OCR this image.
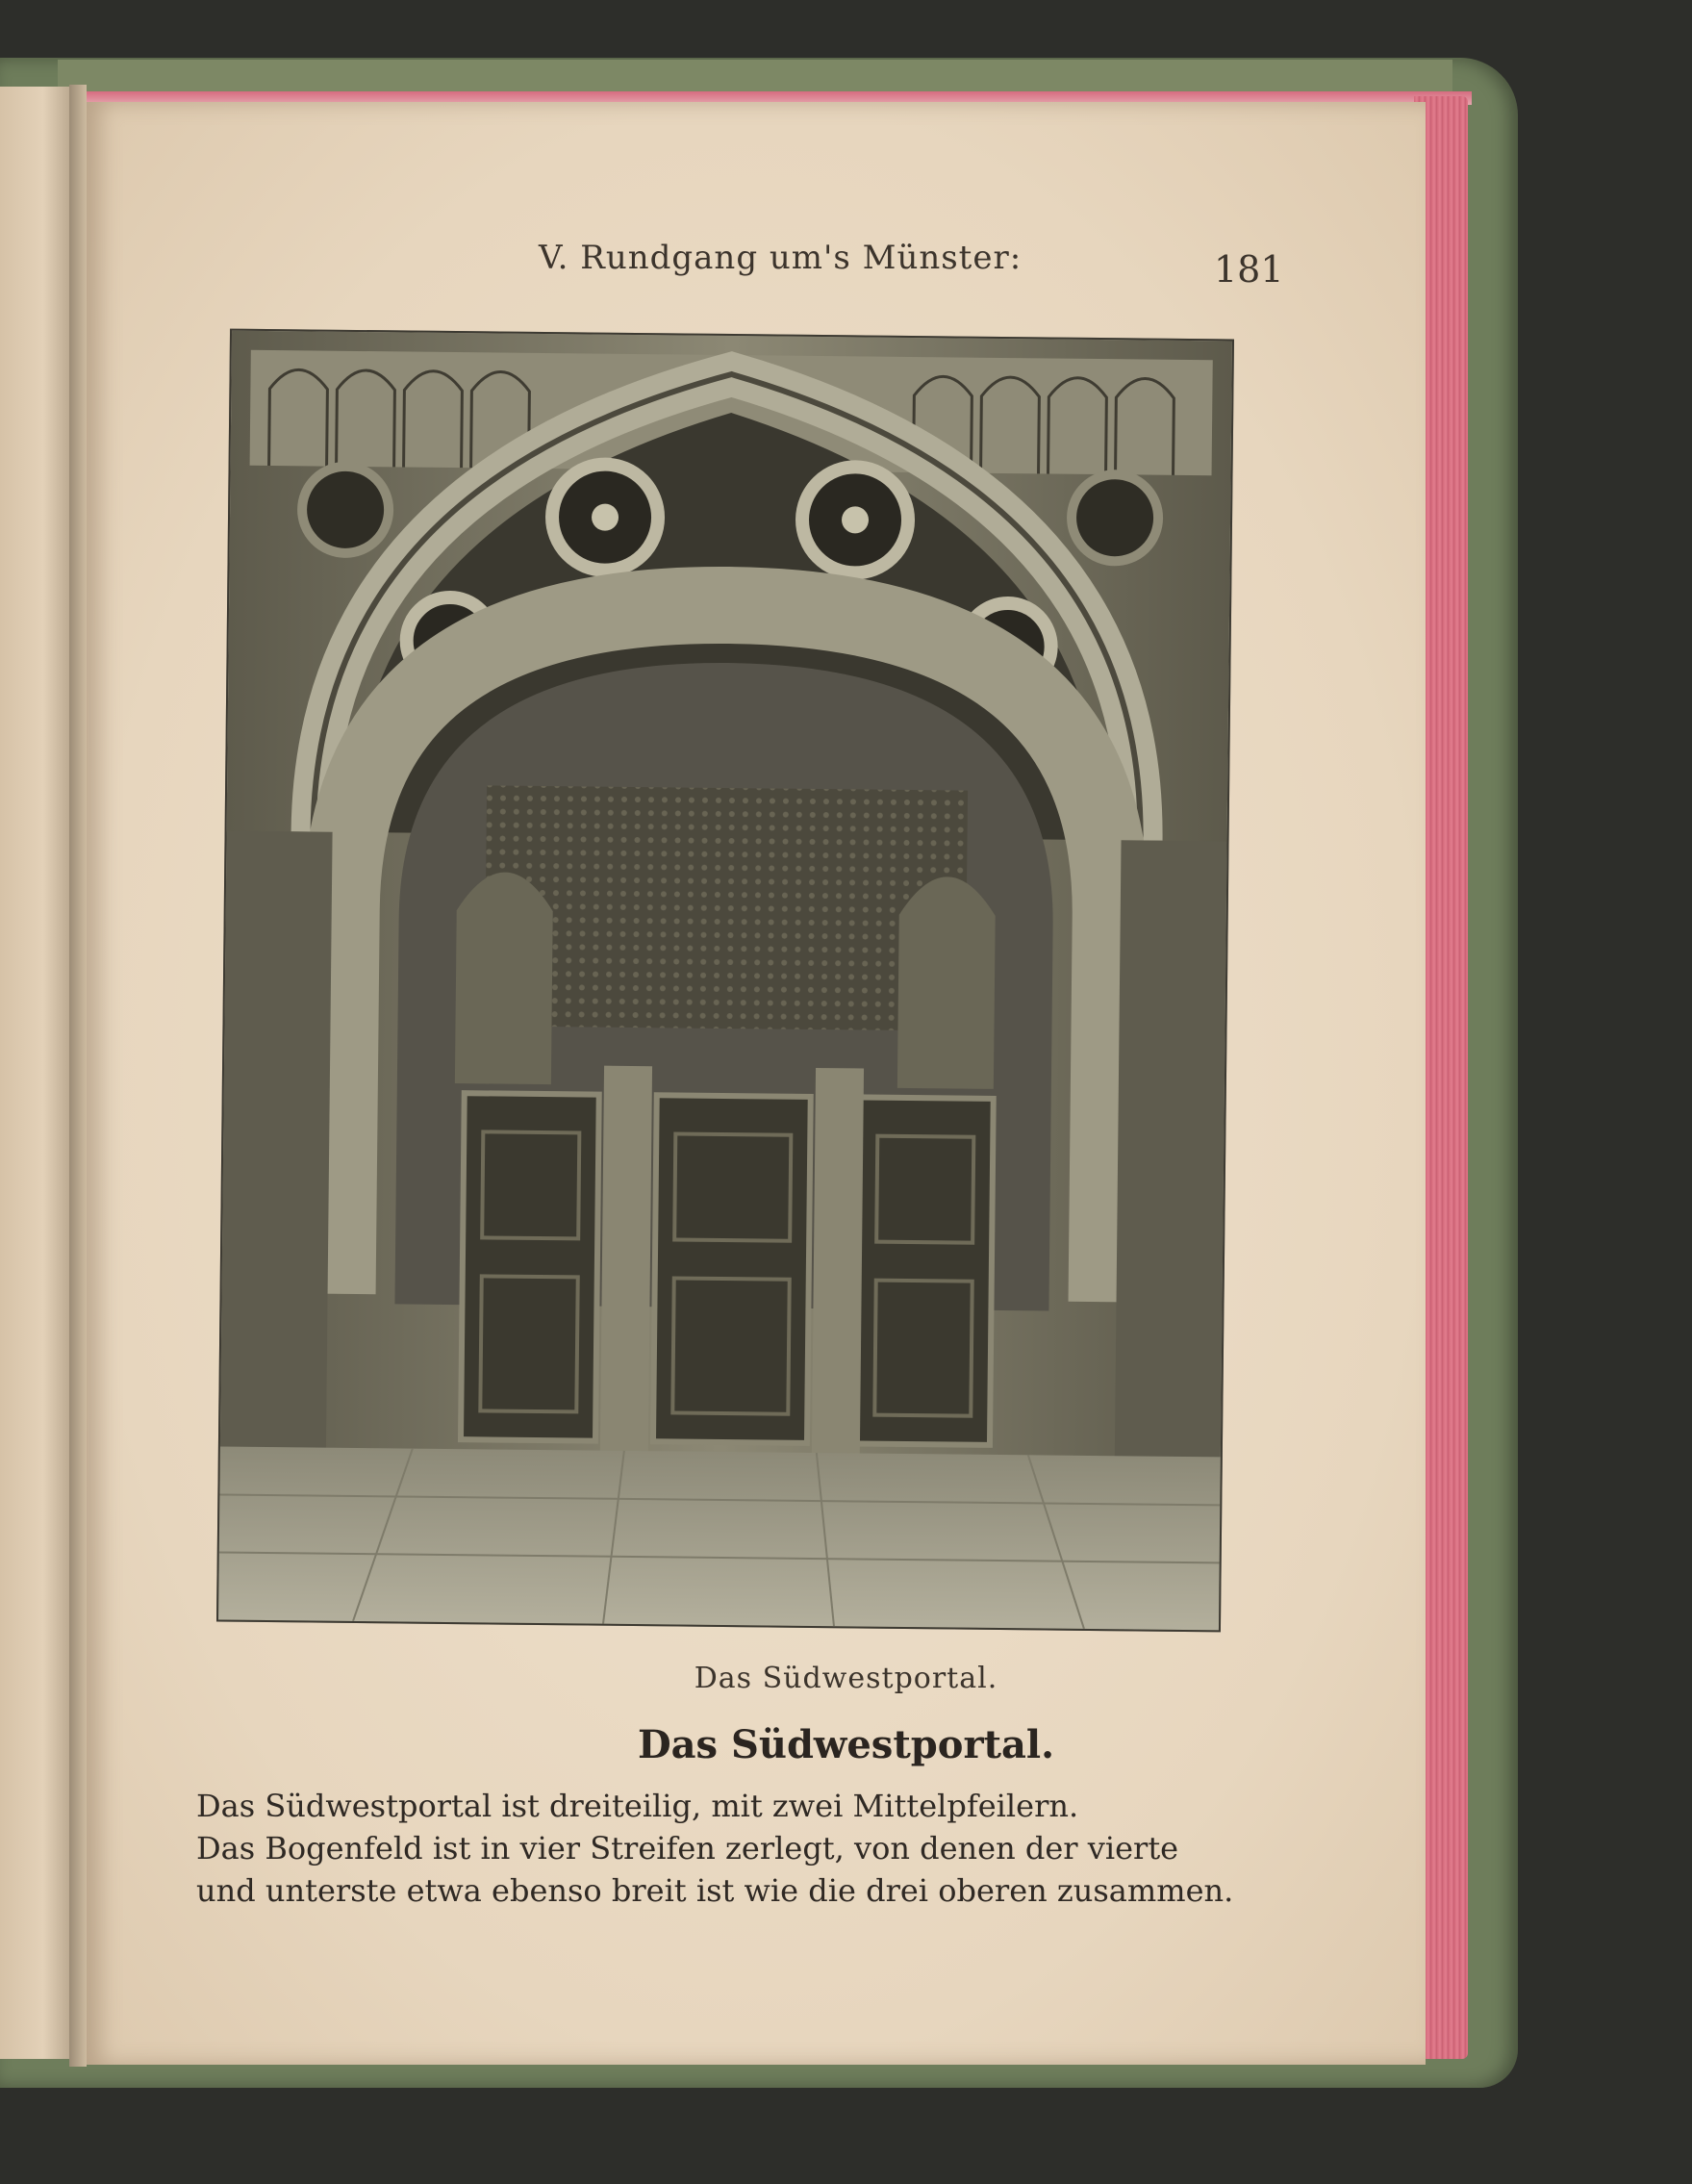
V. Rundgang um's Münster:	181
Das Südwestportal.
Das Südwestportal.
Das Südwestportal ist dreiteilig, mit zwei Mittelpfeilern.
Das Bogenfeld ist in vier Streifen zerlegt, von denen der vierte
und unterste etwa ebenso breit ist wie die drei oberen zusammen.
